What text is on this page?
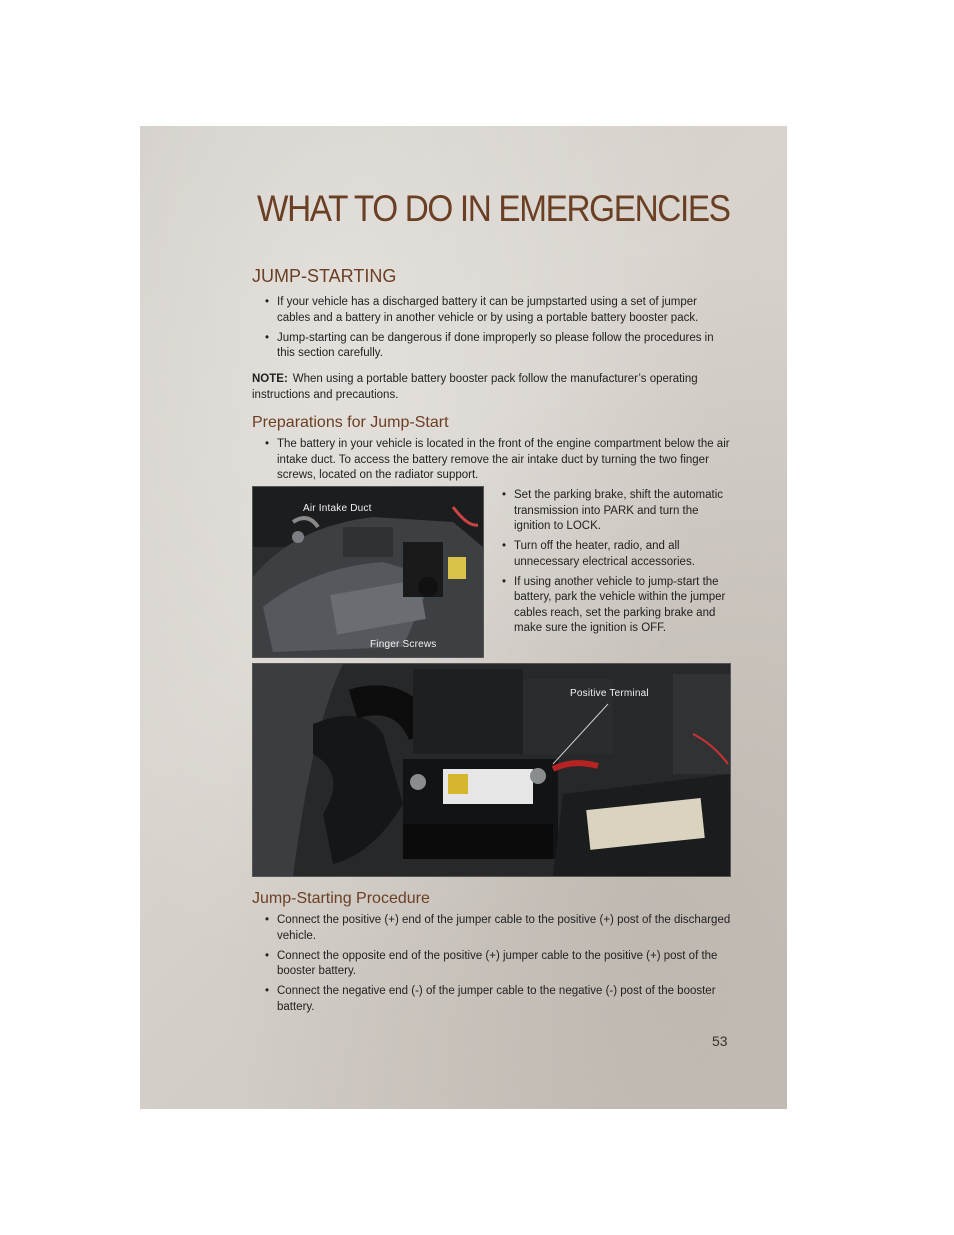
WHAT TO DO IN EMERGENCIES
JUMP-STARTING
• If your vehicle has a discharged battery it can be jumpstarted using a set of jumper cables and a battery in another vehicle or by using a portable battery booster pack.
• Jump-starting can be dangerous if done improperly so please follow the procedures in this section carefully.

NOTE: When using a portable battery booster pack follow the manufacturer’s operating instructions and precautions.

Preparations for Jump-Start
• The battery in your vehicle is located in the front of the engine compartment below the air intake duct. To access the battery remove the air intake duct by turning the two finger screws, located on the radiator support.
Air Intake Duct
Finger Screws
• Set the parking brake, shift the automatic transmission into PARK and turn the ignition to LOCK.
• Turn off the heater, radio, and all unnecessary electrical accessories.
• If using another vehicle to jump-start the battery, park the vehicle within the jumper cables reach, set the parking brake and make sure the ignition is OFF.
Positive Terminal
Jump-Starting Procedure
• Connect the positive (+) end of the jumper cable to the positive (+) post of the discharged vehicle.
• Connect the opposite end of the positive (+) jumper cable to the positive (+) post of the booster battery.
• Connect the negative end (-) of the jumper cable to the negative (-) post of the booster battery.
53
